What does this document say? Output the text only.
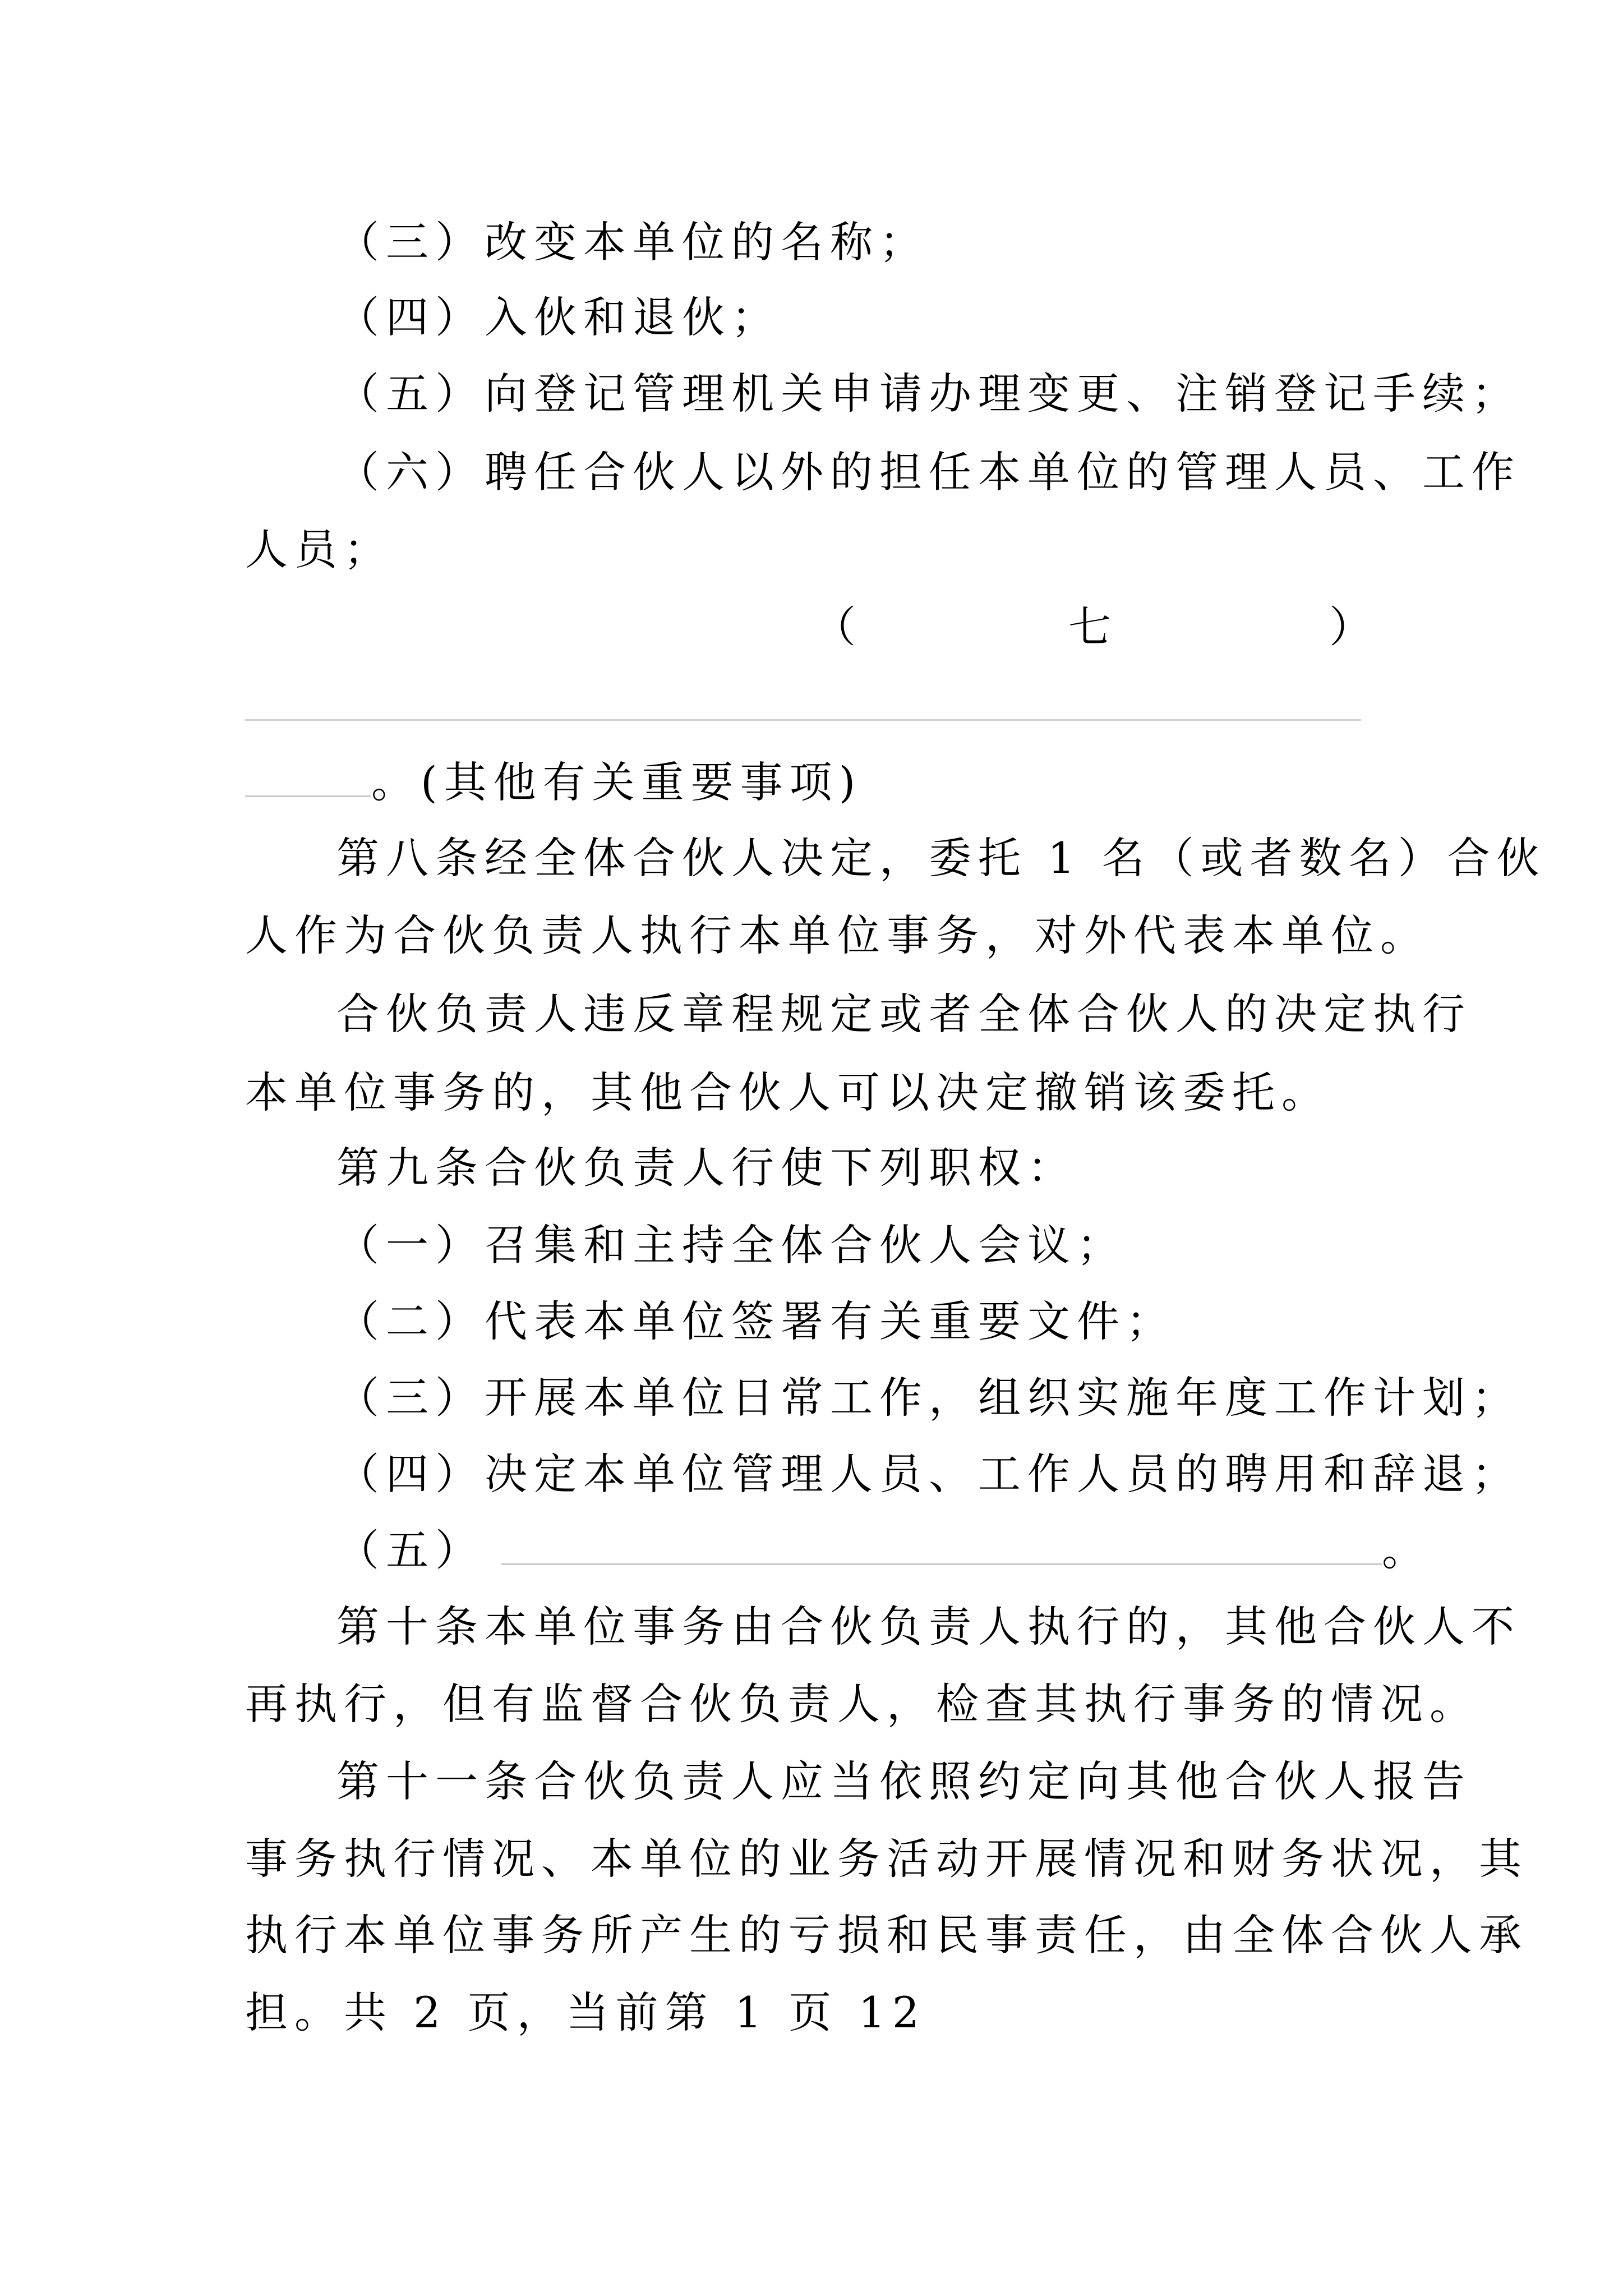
（三）改变本单位的名称；
（四）入伙和退伙；
（五）向登记管理机关申请办理变更、注销登记手续；
（六）聘任合伙人以外的担任本单位的管理人员、工作
人员；
（	七	）
。(其他有关重要事项)
第八条经全体合伙人决定，委托 1 名（或者数名）合伙
人作为合伙负责人执行本单位事务，对外代表本单位。
合伙负责人违反章程规定或者全体合伙人的决定执行
本单位事务的，其他合伙人可以决定撤销该委托。
第九条合伙负责人行使下列职权：
（一）召集和主持全体合伙人会议；
（二）代表本单位签署有关重要文件；
（三）开展本单位日常工作，组织实施年度工作计划；
（四）决定本单位管理人员、工作人员的聘用和辞退；
（五）	。
第十条本单位事务由合伙负责人执行的，其他合伙人不
再执行，但有监督合伙负责人，检查其执行事务的情况。
第十一条合伙负责人应当依照约定向其他合伙人报告
事务执行情况、本单位的业务活动开展情况和财务状况，其
执行本单位事务所产生的亏损和民事责任，由全体合伙人承
担。共 2 页，当前第 1 页 12
